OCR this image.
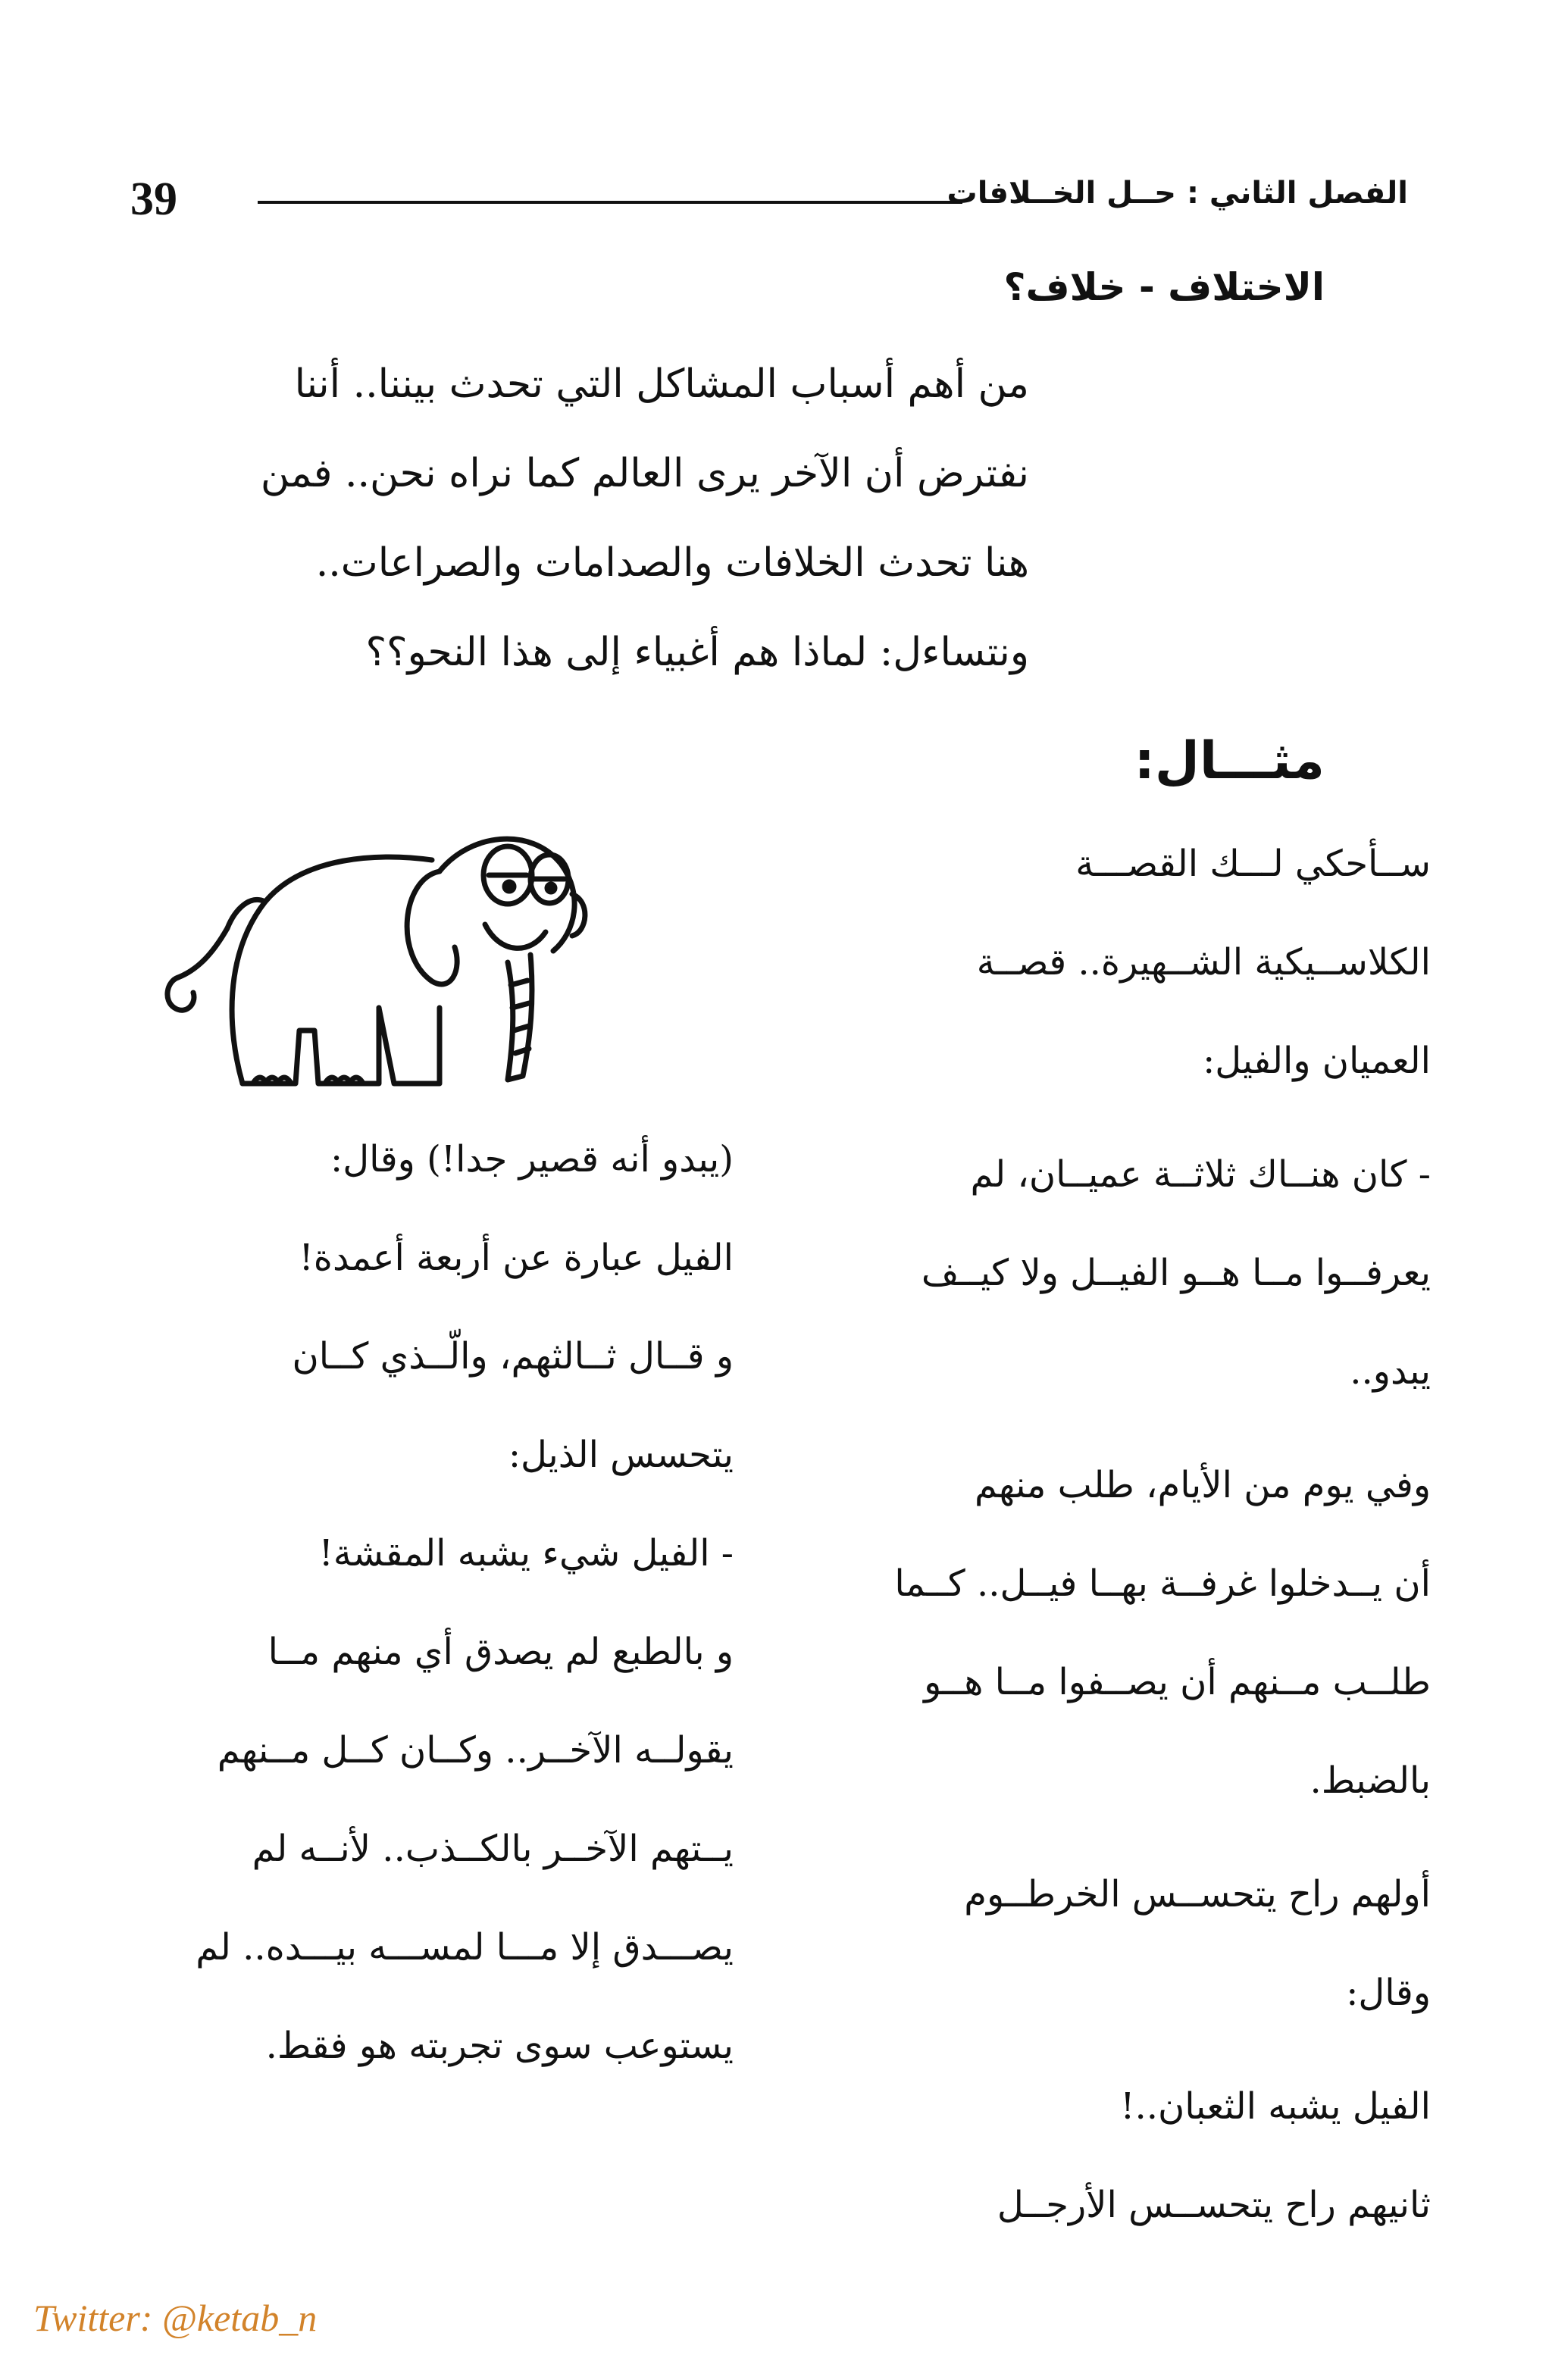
39	الفصل الثاني : حــل الخــلافات
الاختلاف - خلاف؟

من أهم أسباب المشاكل التي تحدث بيننا.. أننا

نفترض أن الآخر يرى العالم كما نراه نحن.. فمن

هنا تحدث الخلافات والصدامات والصراعات..

ونتساءل: لماذا هم أغبياء إلى هذا النحو؟؟

مثـــال:
ســأحكي لـــك القصـــة
الكلاســيكية الشــهيرة.. قصــة
العميان والفيل:
- كان هنــاك ثلاثــة عميــان، لم
يعرفــوا مــا هــو الفيــل ولا كيــف
يبدو..
وفي يوم من الأيام، طلب منهم
أن يــدخلوا غرفــة بهــا فيــل.. كــما
طلــب مــنهم أن يصــفوا مــا هــو
بالضبط.
أولهم راح يتحســس الخرطــوم
وقال:
الفيل يشبه الثعبان..!
ثانيهم راح يتحســس الأرجــل
(يبدو أنه قصير جدا!) وقال:
الفيل عبارة عن أربعة أعمدة!
و قــال ثــالثهم، والّــذي كــان
يتحسس الذيل:
- الفيل شيء يشبه المقشة!
و بالطبع لم يصدق أي منهم مــا
يقولــه الآخــر.. وكــان كــل مــنهم
يــتهم الآخــر بالكــذب.. لأنــه لم
يصـــدق إلا مـــا لمســـه بيـــده.. لم
يستوعب سوى تجربته هو فقط.
Twitter: @ketab_n
